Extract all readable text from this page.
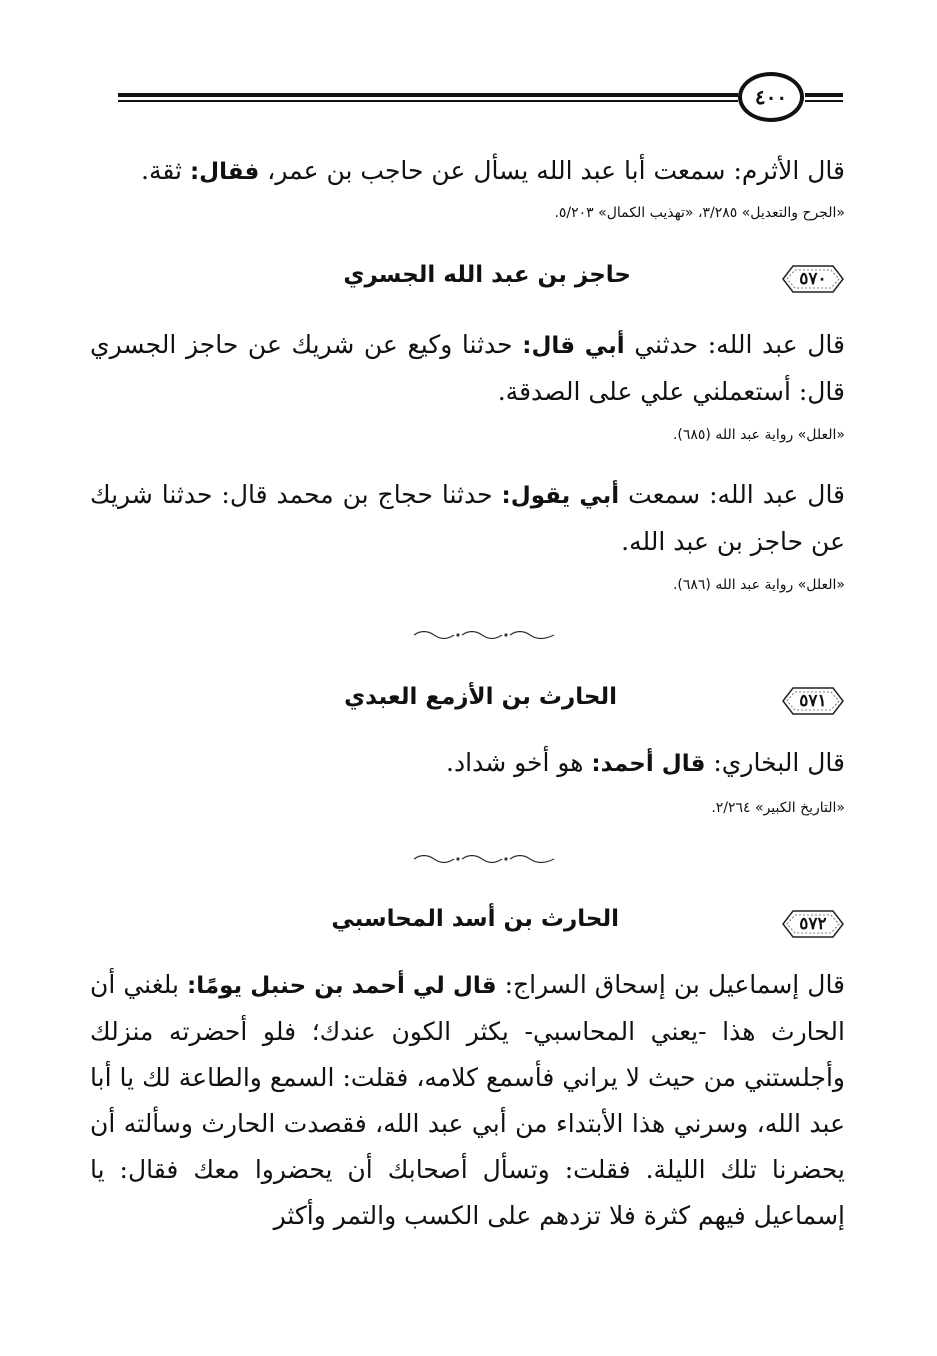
٤٠٠
قال الأثرم: سمعت أبا عبد الله يسأل عن حاجب بن عمر، فقال: ثقة.
«الجرح والتعديل» ٣/٢٨٥، «تهذيب الكمال» ٥/٢٠٣.
٥٧٠
حاجز بن عبد الله الجسري
قال عبد الله: حدثني أبي قال: حدثنا وكيع عن شريك عن حاجز الجسري قال: أستعملني علي على الصدقة.
«العلل» رواية عبد الله (٦٨٥).
قال عبد الله: سمعت أبي يقول: حدثنا حجاج بن محمد قال: حدثنا شريك عن حاجز بن عبد الله.
«العلل» رواية عبد الله (٦٨٦).
٥٧١
الحارث بن الأزمع العبدي
قال البخاري: قال أحمد: هو أخو شداد.
«التاريخ الكبير» ٢/٢٦٤.
٥٧٢
الحارث بن أسد المحاسبي
قال إسماعيل بن إسحاق السراج: قال لي أحمد بن حنبل يومًا: بلغني أن الحارث هذا -يعني المحاسبي- يكثر الكون عندك؛ فلو أحضرته منزلك وأجلستني من حيث لا يراني فأسمع كلامه، فقلت: السمع والطاعة لك يا أبا عبد الله، وسرني هذا الأبتداء من أبي عبد الله، فقصدت الحارث وسألته أن يحضرنا تلك الليلة. فقلت: وتسأل أصحابك أن يحضروا معك فقال: يا إسماعيل فيهم كثرة فلا تزدهم على الكسب والتمر وأكثر
